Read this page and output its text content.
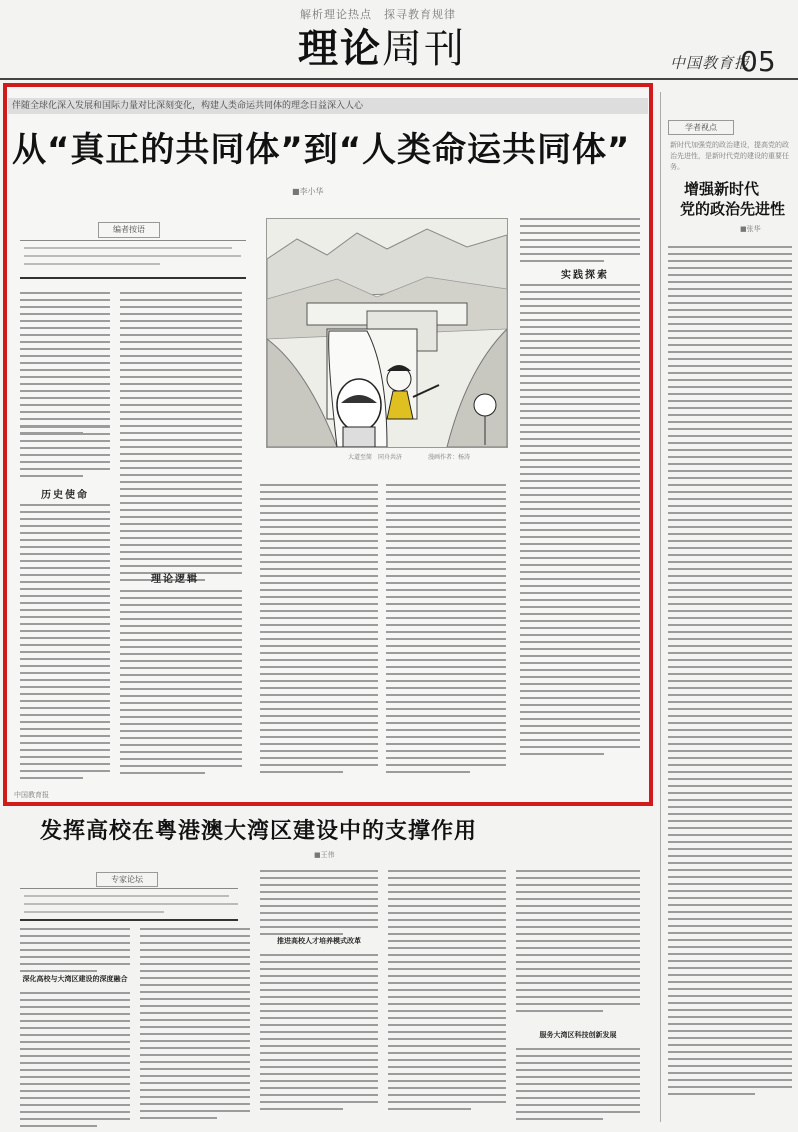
解析理论热点　探寻教育规律
理论周刊	中国教育报
05
伴随全球化深入发展和国际力量对比深刻变化，构建人类命运共同体的理念日益深入人心
从“真正的共同体”到“人类命运共同体”
■李小华
编者按语
历史使命
理论逻辑
大道至简　同舟共济	漫画作者：杨涛
实践探索
中国教育报
发挥高校在粤港澳大湾区建设中的支撑作用
■王伟
专家论坛
深化高校与大湾区建设的深度融合
推进高校人才培养模式改革
服务大湾区科技创新发展
学者视点
新时代加强党的政治建设，提高党的政治先进性，是新时代党的建设的重要任务。
增强新时代
党的政治先进性
■张华
